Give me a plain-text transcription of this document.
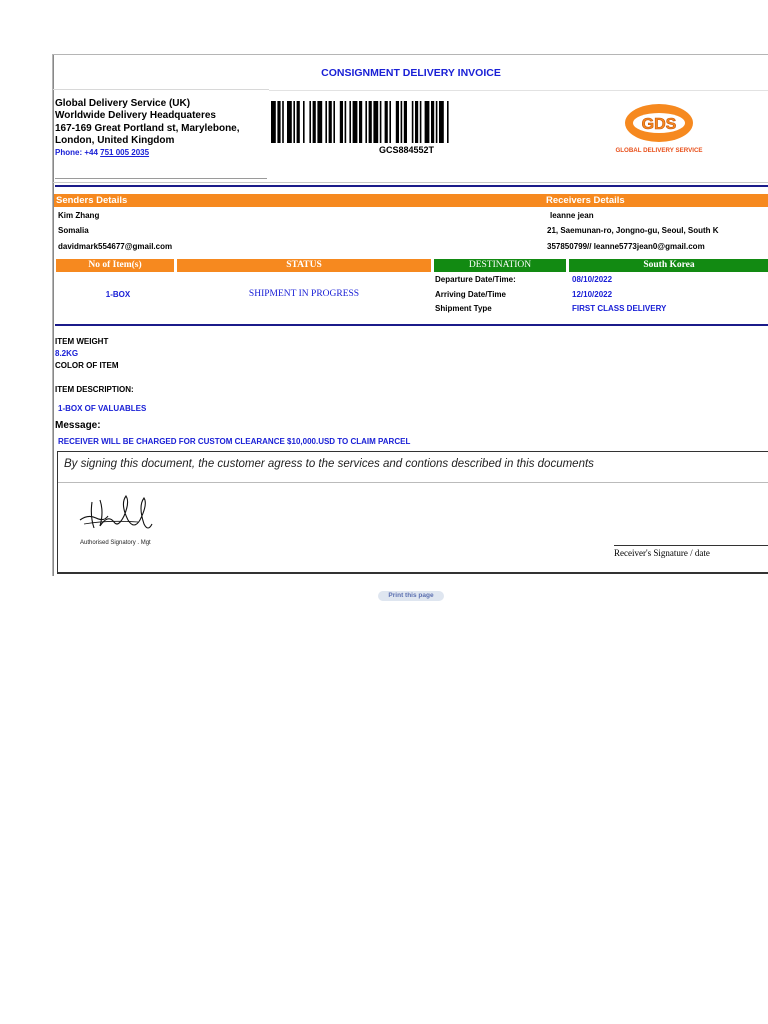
CONSIGNMENT DELIVERY INVOICE
Global Delivery Service (UK)
Worldwide Delivery Headquateres
167-169 Great Portland st, Marylebone,
London, United Kingdom
Phone: +44 751 005 2035	GCS884552T
GDS
GLOBAL DELIVERY SERVICE
Senders Details	Receivers Details
Kim Zhang
Somalia
davidmark554677@gmail.com
leanne jean
21, Saemunan-ro, Jongno-gu, Seoul, South K
357850799// leanne5773jean0@gmail.com
No of Item(s)	STATUS	DESTINATION	South Korea
1-BOX	SHIPMENT IN PROGRESS
Departure Date/Time:	08/10/2022
Arriving Date/Time	12/10/2022
Shipment Type	FIRST CLASS DELIVERY
ITEM WEIGHT
8.2KG
COLOR OF ITEM
ITEM DESCRIPTION:
1-BOX OF VALUABLES
Message:
RECEIVER WILL BE CHARGED FOR CUSTOM CLEARANCE $10,000.USD TO CLAIM PARCEL
By signing this document, the customer agress to the services and contions described in this documents
Authorised Signatory . Mgt
Receiver's Signature / date
Print this page
